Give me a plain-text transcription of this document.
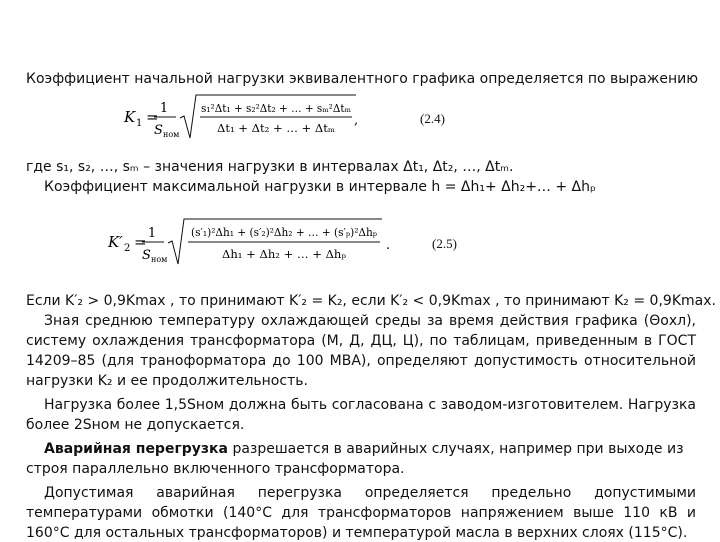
Коэффициент начальной нагрузки эквивалентного графика определяется по выражению
K 1 = 1
S ном
s₁²Δt₁ + s₂²Δt₂ + … + sₘ²Δtₘ
Δt₁ + Δt₂ + … + Δtₘ
,	(2.4)
где s₁, s₂, …, sₘ – значения нагрузки в интервалах Δt₁, Δt₂, …, Δtₘ.
Коэффициент максимальной нагрузки в интервале h = Δh₁+ Δh₂+… + Δhₚ
K′ 2 = 1
S ном
(s′₁)²Δh₁ + (s′₂)²Δh₂ + … + (s′ₚ)²Δhₚ
Δh₁ + Δh₂ + … + Δhₚ
.	(2.5)
Если K′₂ > 0,9Kmax , то принимают K′₂ = K₂, если K′₂ < 0,9Kmax , то принимают K₂ = 0,9Kmax.
Зная среднюю температуру охлаждающей среды за время действия графика (Θохл),
систему охлаждения трансформатора (М, Д, ДЦ, Ц), по таблицам, приведенным в ГОСТ
14209–85 (для траноформатора до 100 МВА), определяют допустимость относительной
нагрузки K₂ и ее продолжительность.
Нагрузка более 1,5Sном должна быть согласована с заводом-изготовителем. Нагрузка
более 2Sном не допускается.
Аварийная перегрузка разрешается в аварийных случаях, например при выходе из
строя параллельно включенного трансформатора.
Допустимая аварийная перегрузка определяется предельно допустимыми
температурами обмотки (140°С для трансформаторов напряжением выше 110 кВ и
160°С для остальных трансформаторов) и температурой масла в верхних слоях (115°С).
